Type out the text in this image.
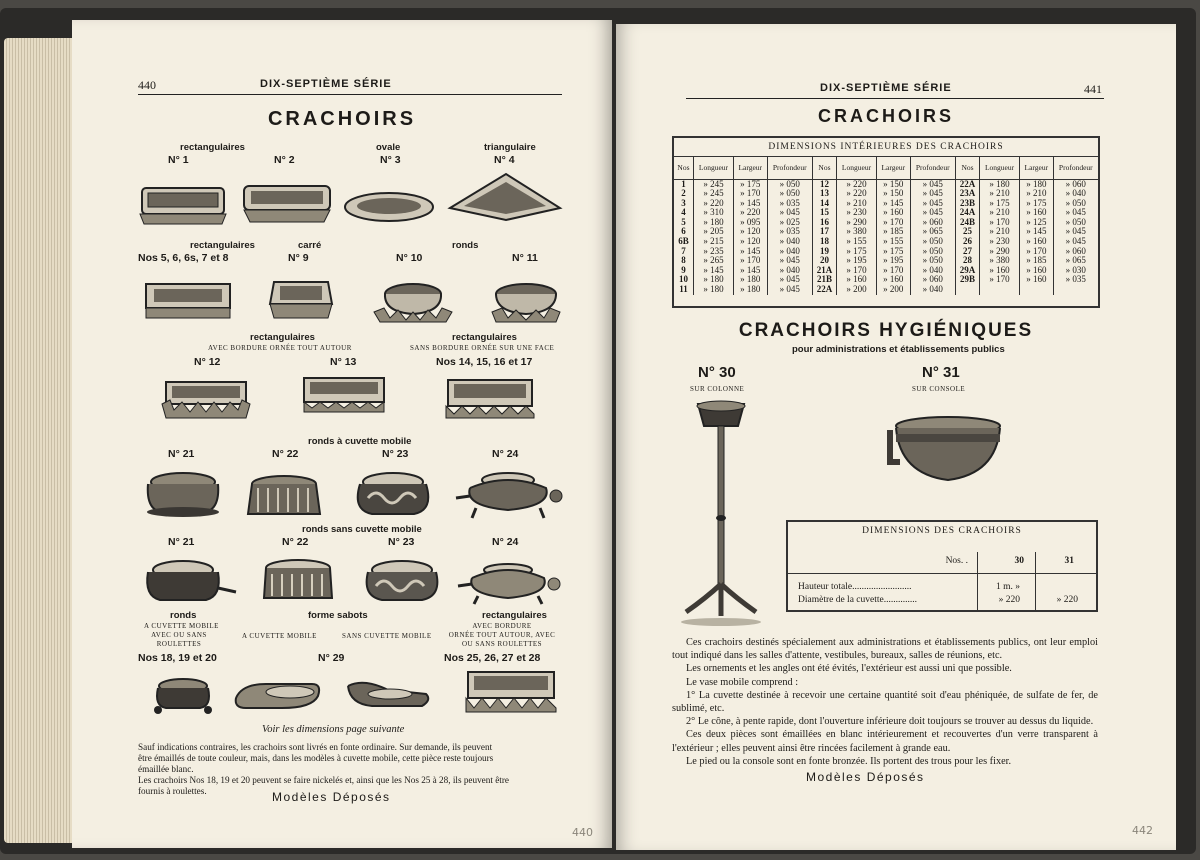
440	DIX-SEPTIÈME SÉRIE
CRACHOIRS
rectangulaires	ovale	triangulaire
N° 1	N° 2	N° 3	N° 4
rectangulaires	carré	ronds
Nos 5, 6, 6s, 7 et 8	N° 9	N° 10	N° 11
rectangulaires	rectangulaires
AVEC BORDURE ORNÉE TOUT AUTOUR	SANS BORDURE ORNÉE SUR UNE FACE
N° 12	N° 13	Nos 14, 15, 16 et 17
ronds à cuvette mobile
N° 21	N° 22	N° 23	N° 24
ronds sans cuvette mobile
N° 21	N° 22	N° 23	N° 24
ronds	forme sabots	rectangulaires
A CUVETTE MOBILE
AVEC OU SANS
ROULETTES
A CUVETTE MOBILE	SANS CUVETTE MOBILE
AVEC BORDURE
ORNÉE TOUT AUTOUR, AVEC
OU SANS ROULETTES
Nos 18, 19 et 20	N° 29	Nos 25, 26, 27 et 28
Voir les dimensions page suivante
Sauf indications contraires, les crachoirs sont livrés en fonte ordinaire. Sur demande, ils peuvent
être émaillés de toute couleur, mais, dans les modèles à cuvette mobile, cette pièce reste toujours
émaillée blanc.
Les crachoirs Nos 18, 19 et 20 peuvent se faire nickelés et, ainsi que les Nos 25 à 28, ils peuvent être
fournis à roulettes.	Modèles Déposés
440
DIX-SEPTIÈME SÉRIE	441
CRACHOIRS
DIMENSIONS INTÉRIEURES DES CRACHOIRS
Nos	Longueur	Largeur	Profondeur	Nos	Longueur	Largeur	Profondeur	Nos	Longueur	Largeur	Profondeur
1	» 245	» 175	» 050	12	» 220	» 150	» 045	22A	» 180	» 180	» 060
2	» 245	» 170	» 050	13	» 220	» 150	» 045	23A	» 210	» 210	» 040
3	» 220	» 145	» 035	14	» 210	» 145	» 045	23B	» 175	» 175	» 050
4	» 310	» 220	» 045	15	» 230	» 160	» 045	24A	» 210	» 160	» 045
5	» 180	» 095	» 025	16	» 290	» 170	» 060	24B	» 170	» 125	» 050
6	» 205	» 120	» 035	17	» 380	» 185	» 065	25	» 210	» 145	» 045
6B	» 215	» 120	» 040	18	» 155	» 155	» 050	26	» 230	» 160	» 045
7	» 235	» 145	» 040	19	» 175	» 175	» 050	27	» 290	» 170	» 060
8	» 265	» 170	» 045	20	» 195	» 195	» 050	28	» 380	» 185	» 065
9	» 145	» 145	» 040	21A	» 170	» 170	» 040	29A	» 160	» 160	» 030
10	» 180	» 180	» 045	21B	» 160	» 160	» 060	29B	» 170	» 160	» 035
11	» 180	» 180	» 045	22A	» 200	» 200	» 040				
CRACHOIRS HYGIÉNIQUES
pour administrations et établissements publics
N° 30
SUR COLONNE
N° 31
SUR CONSOLE
DIMENSIONS DES CRACHOIRS
Nos. .	30	31
Hauteur totale.........................	1 m. »
Diamètre de la cuvette..............	» 220	» 220

Ces crachoirs destinés spécialement aux administrations et établissements publics, ont leur emploi tout indiqué dans les salles d'attente, vestibules, bureaux, salles de réunions, etc.

Les ornements et les angles ont été évités, l'extérieur est aussi uni que possible.

Le vase mobile comprend :

1° La cuvette destinée à recevoir une certaine quantité soit d'eau phéniquée, de sulfate de fer, de sublimé, etc.

2° Le cône, à pente rapide, dont l'ouverture inférieure doit toujours se trouver au dessus du liquide.

Ces deux pièces sont émaillées en blanc intérieurement et recouvertes d'un verre transparent à l'extérieur ; elles peuvent ainsi être rincées facilement à grande eau.

Le pied ou la console sont en fonte bronzée. Ils portent des trous pour les fixer.

Modèles Déposés
442
